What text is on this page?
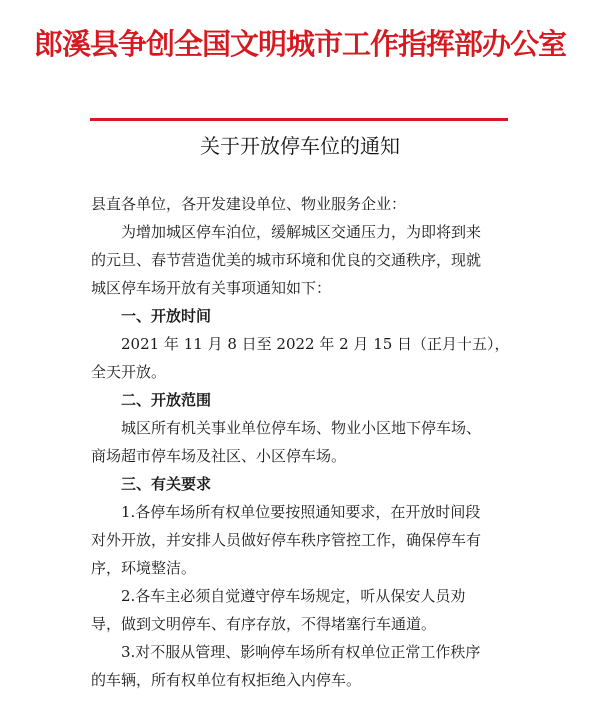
郎溪县争创全国文明城市工作指挥部办公室
关于开放停车位的通知
县直各单位，各开发建设单位、物业服务企业：
为增加城区停车泊位，缓解城区交通压力，为即将到来
的元旦、春节营造优美的城市环境和优良的交通秩序，现就
城区停车场开放有关事项通知如下：
一、开放时间
2021 年 11 月 8 日至 2022 年 2 月 15 日（正月十五），
全天开放。
二、开放范围
城区所有机关事业单位停车场、物业小区地下停车场、
商场超市停车场及社区、小区停车场。
三、有关要求
1.各停车场所有权单位要按照通知要求，在开放时间段
对外开放，并安排人员做好停车秩序管控工作，确保停车有
序，环境整洁。
2.各车主必须自觉遵守停车场规定，听从保安人员劝
导，做到文明停车、有序存放，不得堵塞行车通道。
3.对不服从管理、影响停车场所有权单位正常工作秩序
的车辆，所有权单位有权拒绝入内停车。
